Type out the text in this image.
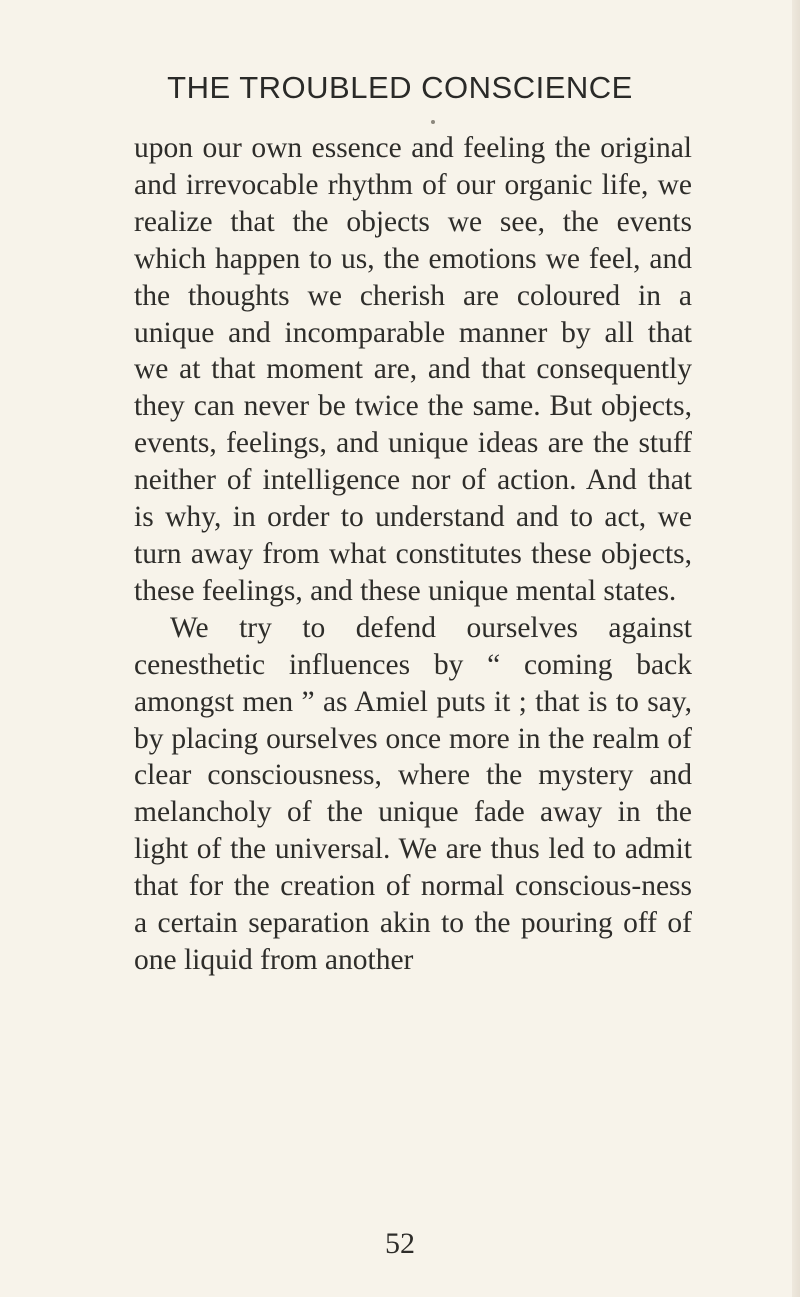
THE TROUBLED CONSCIENCE

upon our own essence and feeling the original and irrevocable rhythm of our organic life, we realize that the objects we see, the events which happen to us, the emotions we feel, and the thoughts we cherish are coloured in a unique and incomparable manner by all that we at that moment are, and that consequently they can never be twice the same. But objects, events, feelings, and unique ideas are the stuff neither of intelligence nor of action. And that is why, in order to understand and to act, we turn away from what constitutes these objects, these feelings, and these unique mental states.

We try to defend ourselves against cenesthetic influences by “ coming back amongst men ” as Amiel puts it ; that is to say, by placing ourselves once more in the realm of clear consciousness, where the mystery and melancholy of the unique fade away in the light of the universal. We are thus led to admit that for the creation of normal conscious-ness a certain separation akin to the pouring off of one liquid from another

52
